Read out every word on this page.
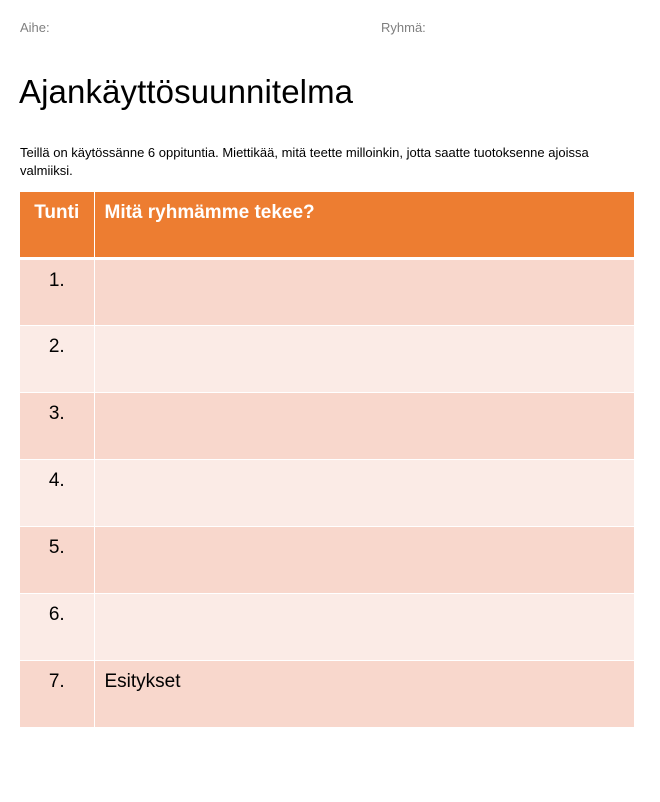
Aihe:	Ryhmä:
Ajankäyttösuunnitelma

Teillä on käytössänne 6 oppituntia. Miettikää, mitä teette milloinkin, jotta saatte tuotoksenne ajoissa valmiiksi.

Tunti	Mitä ryhmämme tekee?
1.	
2.	
3.	
4.	
5.	
6.	
7.	Esitykset
